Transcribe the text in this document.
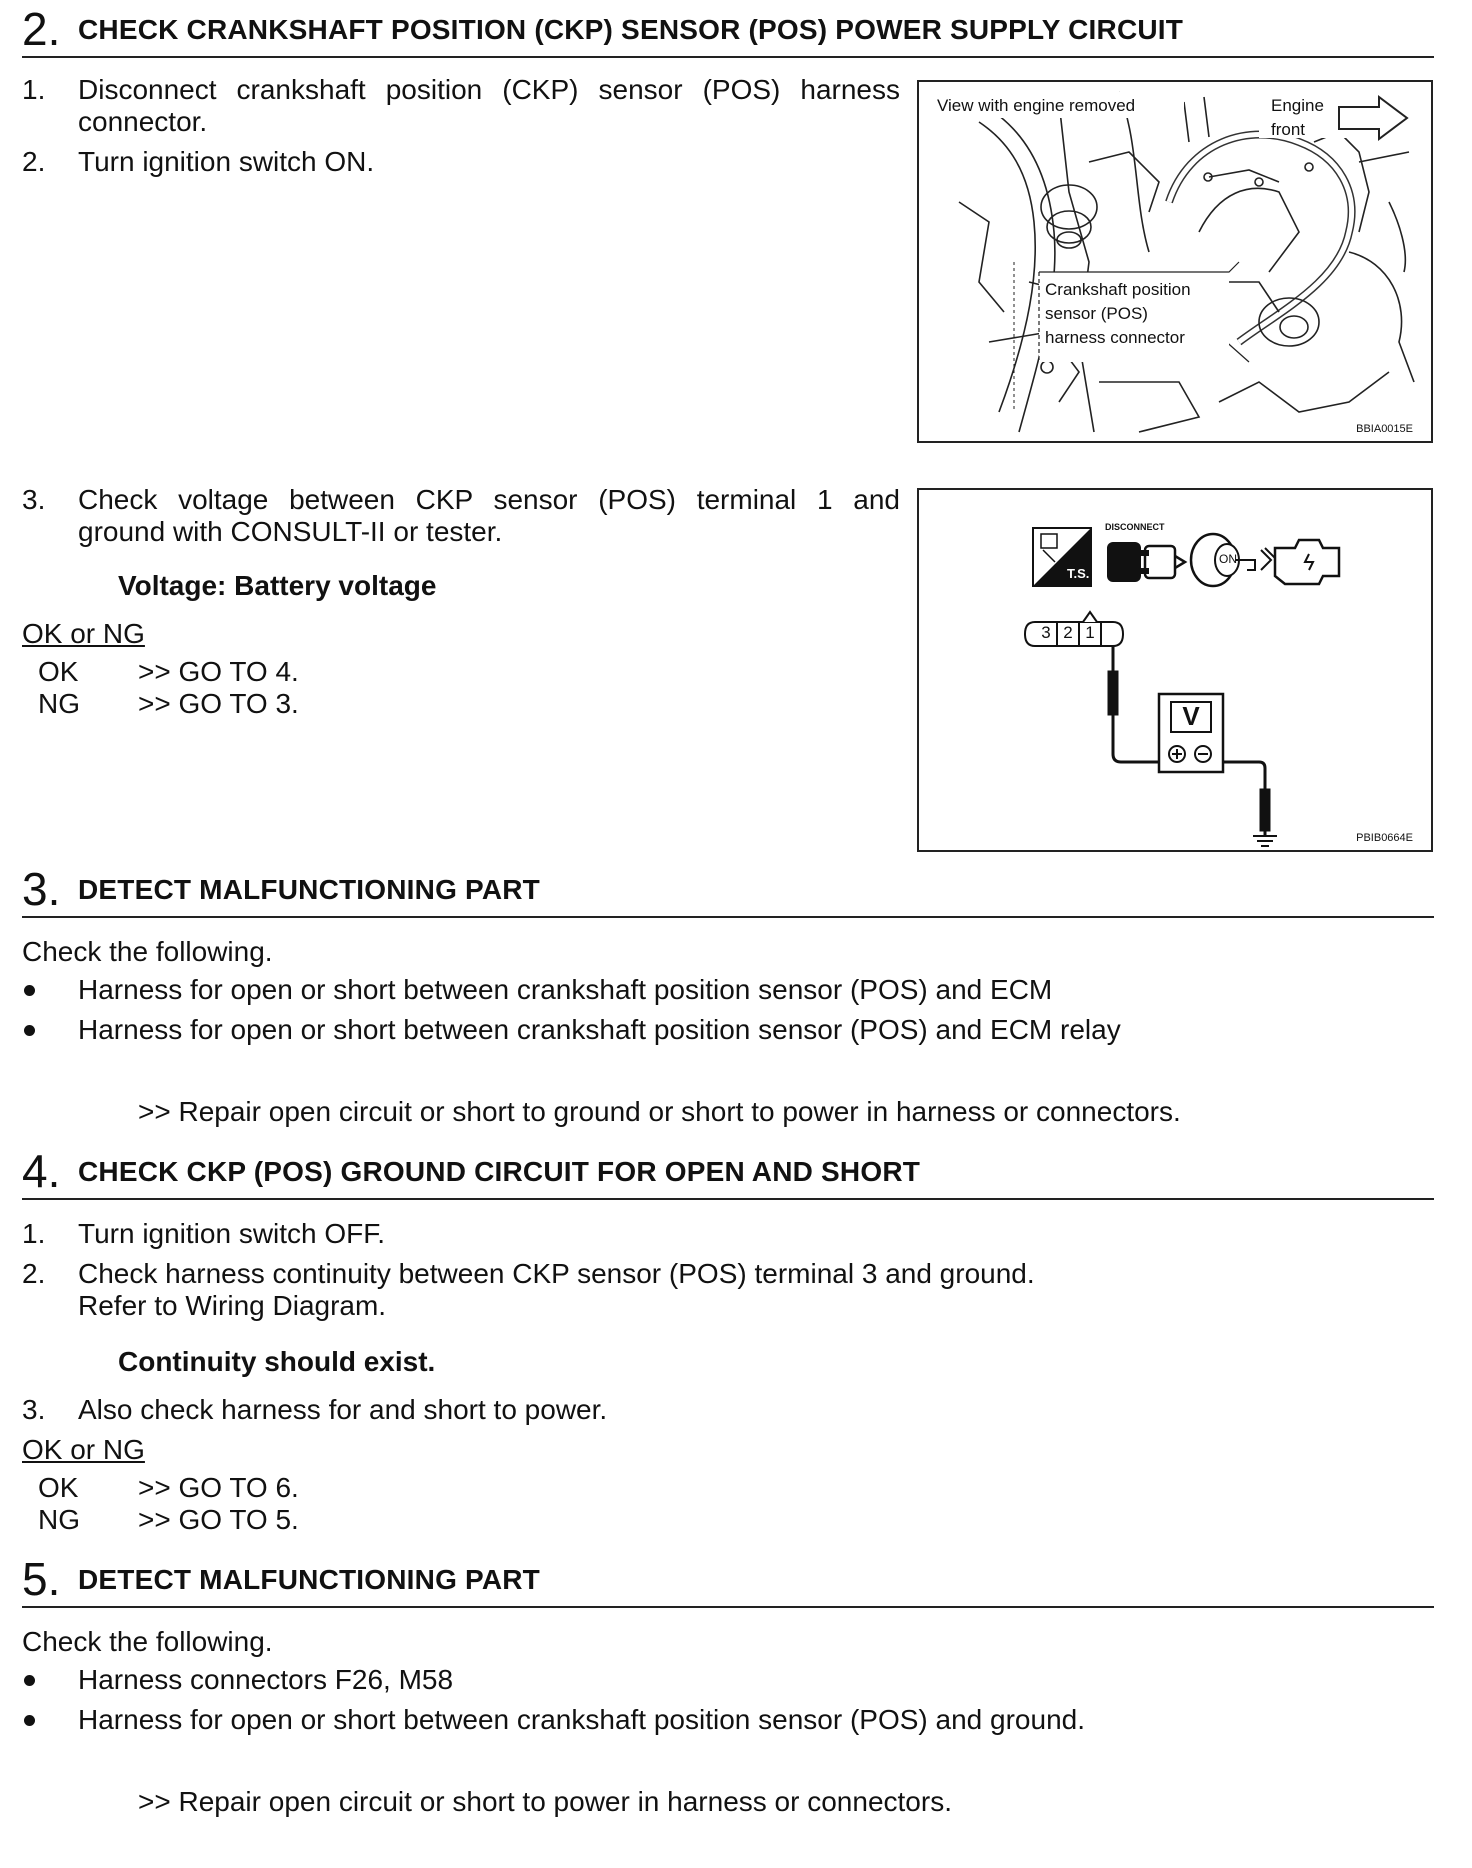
2. CHECK CRANKSHAFT POSITION (CKP) SENSOR (POS) POWER SUPPLY CIRCUIT
1. Disconnect crankshaft position (CKP) sensor (POS) harness
connector.
2. Turn ignition switch ON.
View with engine removed	Engine
front
Crankshaft position
sensor (POS)
harness connector
BBIA0015E
3. Check voltage between CKP sensor (POS) terminal 1 and
ground with CONSULT-II or tester.
Voltage: Battery voltage
OK or NG
OK >> GO TO 4.
NG >> GO TO 3.
DISCONNECT
T.S.
ON
3 2 1
V
PBIB0664E
3. DETECT MALFUNCTIONING PART
Check the following.
Harness for open or short between crankshaft position sensor (POS) and ECM
Harness for open or short between crankshaft position sensor (POS) and ECM relay
>> Repair open circuit or short to ground or short to power in harness or connectors.
4. CHECK CKP (POS) GROUND CIRCUIT FOR OPEN AND SHORT
1. Turn ignition switch OFF.
2. Check harness continuity between CKP sensor (POS) terminal 3 and ground.
Refer to Wiring Diagram.
Continuity should exist.
3. Also check harness for and short to power.
OK or NG
OK >> GO TO 6.
NG >> GO TO 5.
5. DETECT MALFUNCTIONING PART
Check the following.
Harness connectors F26, M58
Harness for open or short between crankshaft position sensor (POS) and ground.
>> Repair open circuit or short to power in harness or connectors.
